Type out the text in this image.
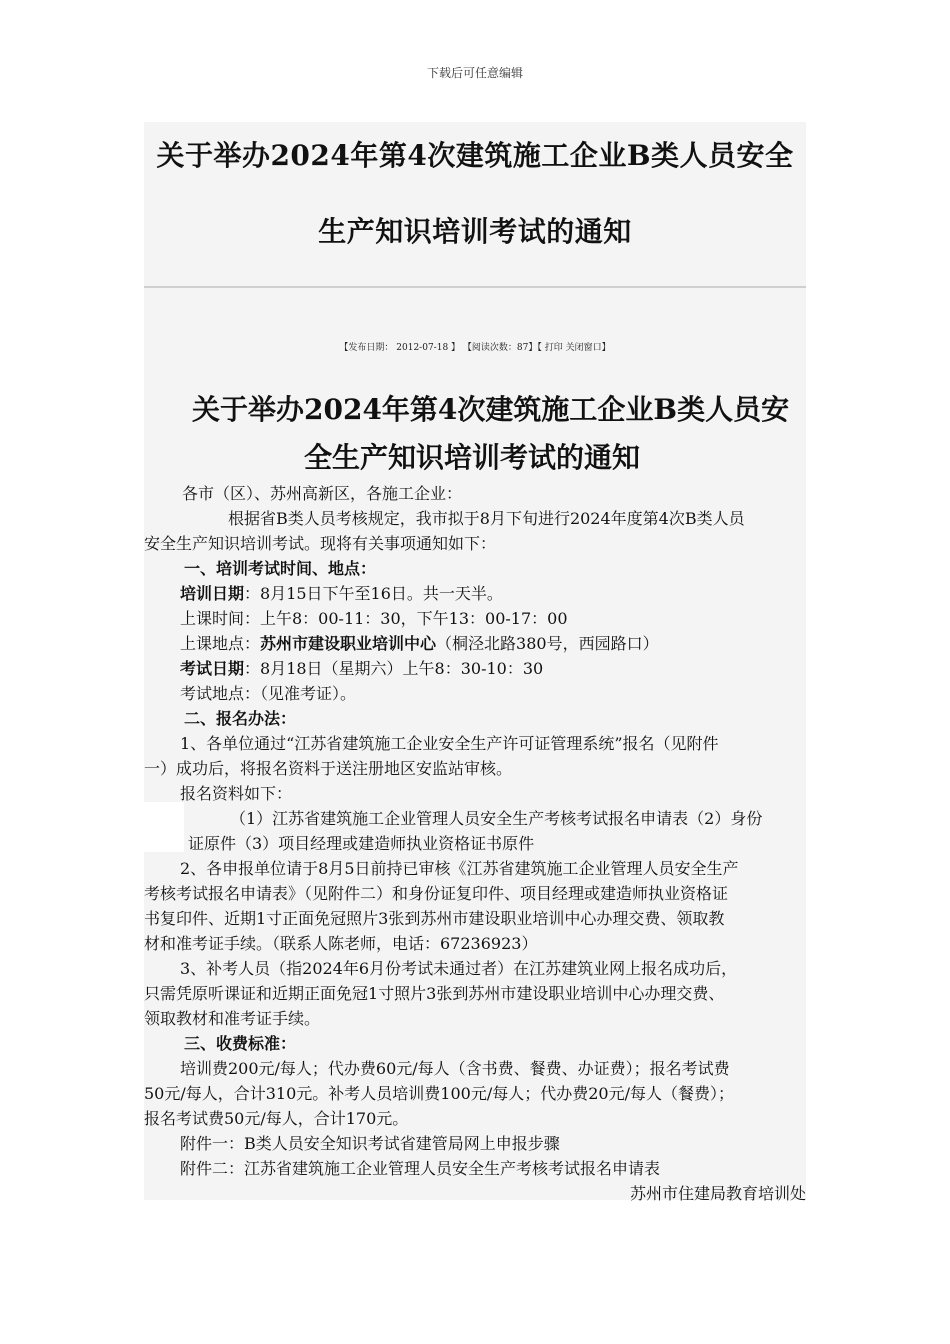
下载后可任意编辑
关于举办2024年第4次建筑施工企业B类人员安全
生产知识培训考试的通知
【发布日期： 2012-07-18 】 【阅读次数：87】【 打印 关闭窗口】
关于举办2024年第4次建筑施工企业B类人员安
全生产知识培训考试的通知
各市（区）、苏州高新区，各施工企业：
根据省B类人员考核规定，我市拟于8月下旬进行2024年度第4次B类人员
安全生产知识培训考试。现将有关事项通知如下：
一、培训考试时间、地点：
培训日期：8月15日下午至16日。共一天半。
上课时间：上午8：00-11：30，下午13：00-17：00
上课地点：苏州市建设职业培训中心（桐泾北路380号，西园路口）
考试日期：8月18日（星期六）上午8：30-10：30
考试地点：（见准考证）。
二、报名办法：
1、各单位通过“江苏省建筑施工企业安全生产许可证管理系统”报名（见附件
一）成功后，将报名资料于送注册地区安监站审核。
报名资料如下：
（1）江苏省建筑施工企业管理人员安全生产考核考试报名申请表（2）身份
证原件（3）项目经理或建造师执业资格证书原件
2、各申报单位请于8月5日前持已审核《江苏省建筑施工企业管理人员安全生产
考核考试报名申请表》（见附件二）和身份证复印件、项目经理或建造师执业资格证
书复印件、近期1寸正面免冠照片3张到苏州市建设职业培训中心办理交费、领取教
材和准考证手续。（联系人陈老师，电话：67236923）
3、补考人员（指2024年6月份考试未通过者）在江苏建筑业网上报名成功后，
只需凭原听课证和近期正面免冠1寸照片3张到苏州市建设职业培训中心办理交费、
领取教材和准考证手续。
三、收费标准：
培训费200元/每人；代办费60元/每人（含书费、餐费、办证费）；报名考试费
50元/每人，合计310元。补考人员培训费100元/每人；代办费20元/每人（餐费）；
报名考试费50元/每人，合计170元。
附件一：B类人员安全知识考试省建管局网上申报步骤
附件二：江苏省建筑施工企业管理人员安全生产考核考试报名申请表
苏州市住建局教育培训处
